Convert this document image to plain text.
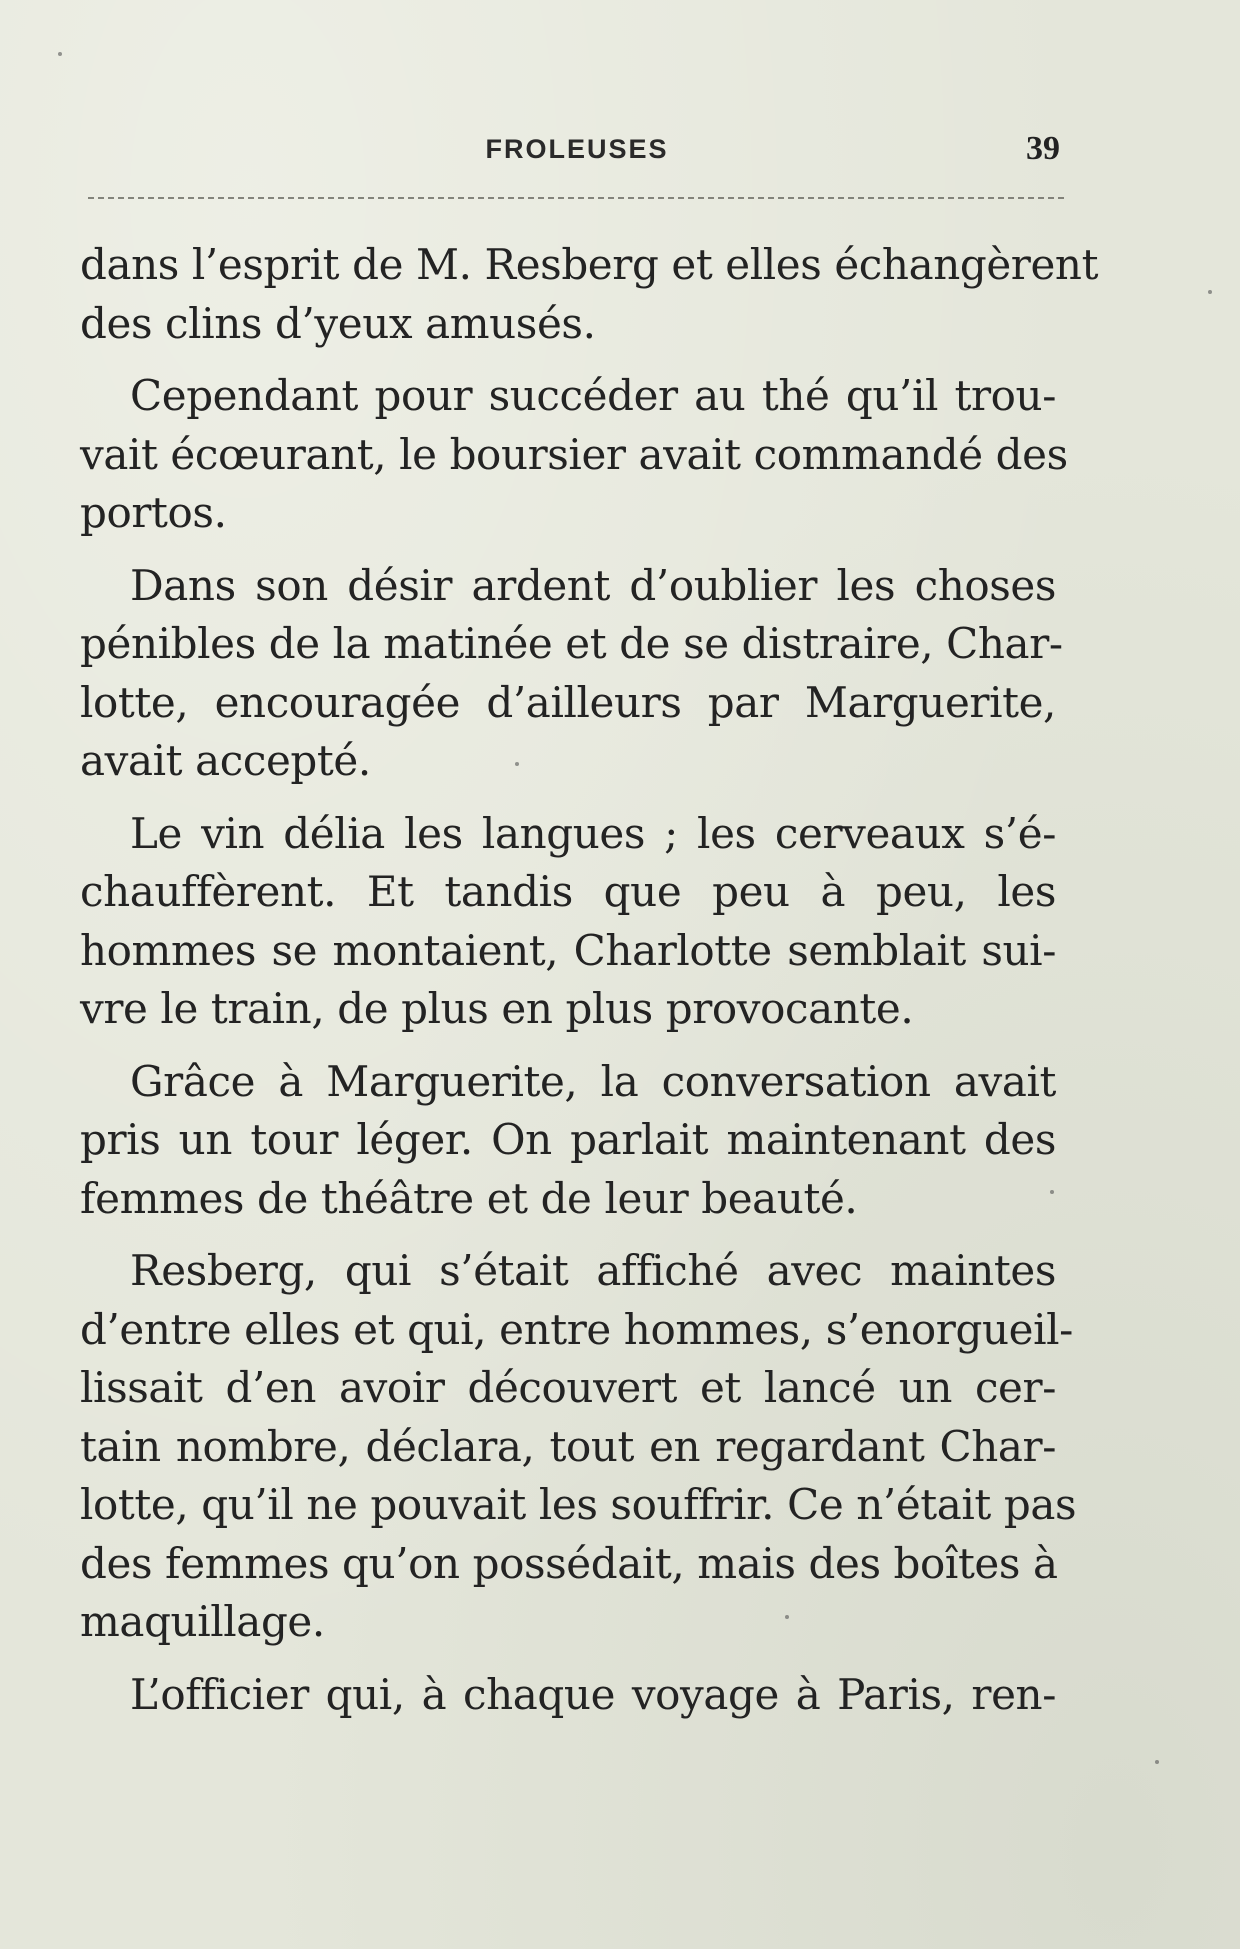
FROLEUSES	39
dans l’esprit de M. Resberg et elles échangèrent
des clins d’yeux amusés.
Cependant pour succéder au thé qu’il trou-
vait écœurant, le boursier avait commandé des
portos.
Dans son désir ardent d’oublier les choses
pénibles de la matinée et de se distraire, Char-
lotte, encouragée d’ailleurs par Marguerite,
avait accepté.
Le vin délia les langues ; les cerveaux s’é-
chauffèrent. Et tandis que peu à peu, les
hommes se montaient, Charlotte semblait sui-
vre le train, de plus en plus provocante.
Grâce à Marguerite, la conversation avait
pris un tour léger. On parlait maintenant des
femmes de théâtre et de leur beauté.
Resberg, qui s’était affiché avec maintes
d’entre elles et qui, entre hommes, s’enorgueil-
lissait d’en avoir découvert et lancé un cer-
tain nombre, déclara, tout en regardant Char-
lotte, qu’il ne pouvait les souffrir. Ce n’était pas
des femmes qu’on possédait, mais des boîtes à
maquillage.
L’officier qui, à chaque voyage à Paris, ren-
